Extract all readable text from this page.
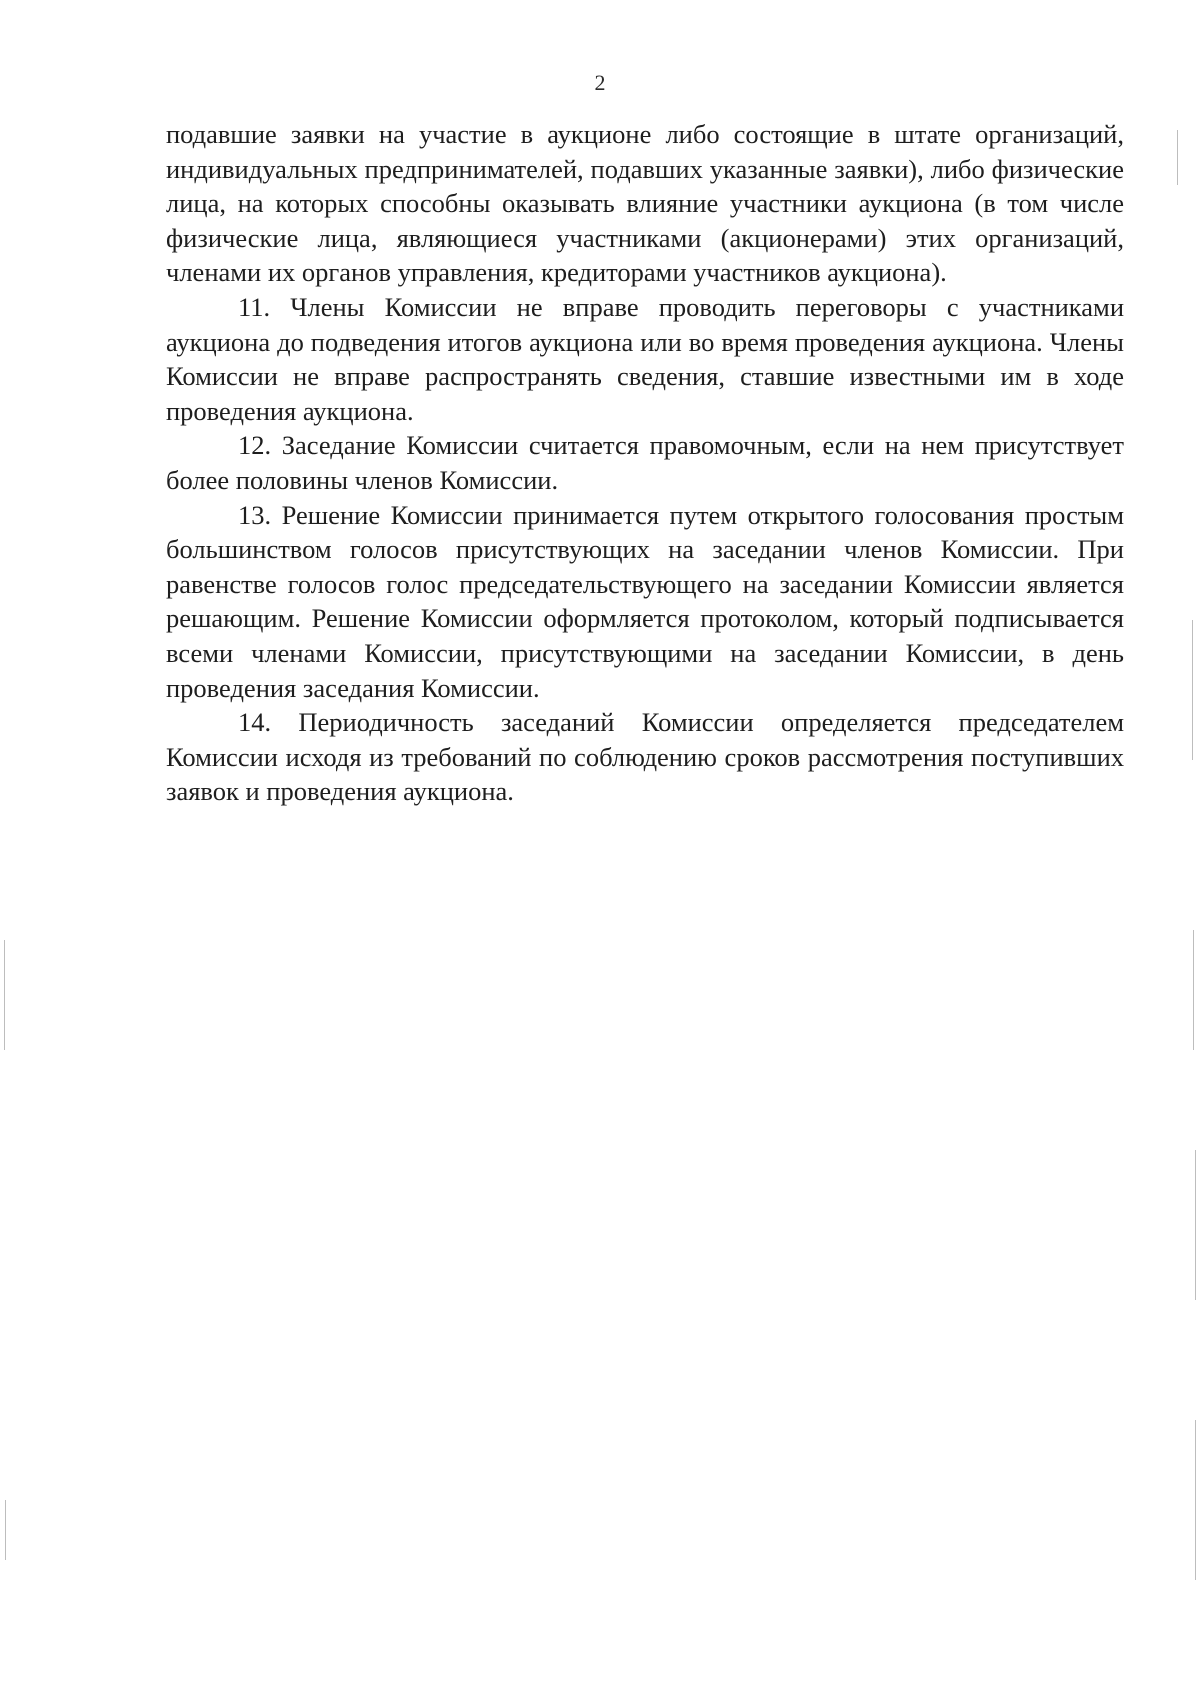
2

подавшие заявки на участие в аукционе либо состоящие в штате организаций, индивидуальных предпринимателей, подавших указанные заявки), либо физические лица, на которых способны оказывать влияние участники аукциона (в том числе физические лица, являющиеся участниками (акционерами) этих организаций, членами их органов управления, кредиторами участников аукциона).

11. Члены Комиссии не вправе проводить переговоры с участниками аукциона до подведения итогов аукциона или во время проведения аукциона. Члены Комиссии не вправе распространять сведения, ставшие известными им в ходе проведения аукциона.

12. Заседание Комиссии считается правомочным, если на нем присутствует более половины членов Комиссии.

13. Решение Комиссии принимается путем открытого голосования простым большинством голосов присутствующих на заседании членов Комиссии. При равенстве голосов голос председательствующего на заседании Комиссии является решающим. Решение Комиссии оформляется протоколом, который подписывается всеми членами Комиссии, присутствующими на заседании Комиссии, в день проведения заседания Комиссии.

14. Периодичность заседаний Комиссии определяется председателем Комиссии исходя из требований по соблюдению сроков рассмотрения поступивших заявок и проведения аукциона.
